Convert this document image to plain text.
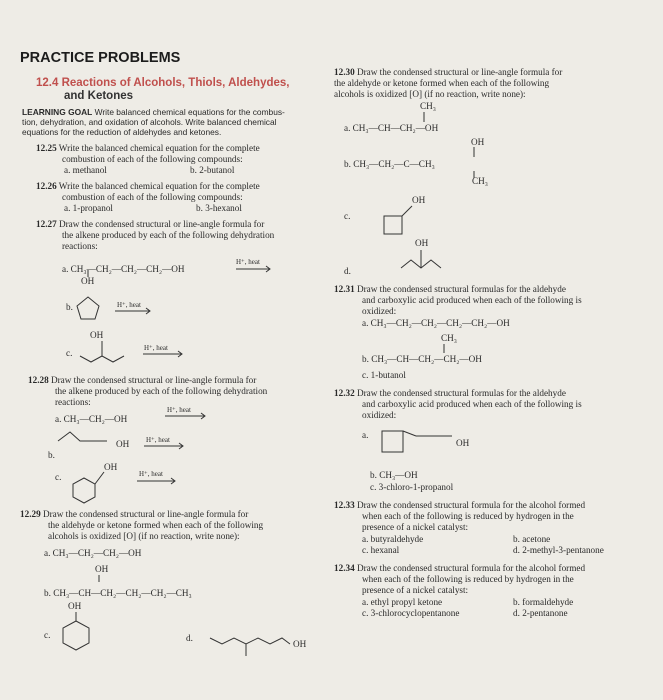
PRACTICE PROBLEMS
12.4 Reactions of Alcohols, Thiols, Aldehydes,
and Ketones
LEARNING GOAL Write balanced chemical equations for the combus-
tion, dehydration, and oxidation of alcohols. Write balanced chemical
equations for the reduction of aldehydes and ketones.
12.25 Write the balanced chemical equation for the complete
combustion of each of the following compounds:
a. methanol	b. 2-butanol
12.26 Write the balanced chemical equation for the complete
combustion of each of the following compounds:
a. 1-propanol	b. 3-hexanol
12.27 Draw the condensed structural or line-angle formula for
the alkene produced by each of the following dehydration
reactions:
a. CH₃—CH₂—CH₂—CH₂—OH
OH
H⁺, heat
b.	H⁺, heat
OH
c.	H⁺, heat
12.28 Draw the condensed structural or line-angle formula for
the alkene produced by each of the following dehydration
reactions:
a. CH₃—CH₂—OH
H⁺, heat
OH H⁺, heat
b.
OH
c.	H⁺, heat
12.29 Draw the condensed structural or line-angle formula for
the aldehyde or ketone formed when each of the following
alcohols is oxidized [O] (if no reaction, write none):
a. CH₃—CH₂—CH₂—OH
OH
b. CH₃—CH—CH₂—CH₂—CH₂—CH₃
OH
c.	d.
OH
12.30 Draw the condensed structural or line-angle formula for
the aldehyde or ketone formed when each of the following
alcohols is oxidized [O] (if no reaction, write none):
CH₃
a. CH₃—CH—CH₂—OH
OH
b. CH₃—CH₂—C—CH₃
CH₃
OH
c.
OH
d.
12.31 Draw the condensed structural formulas for the aldehyde
and carboxylic acid produced when each of the following is
oxidized:
a. CH₃—CH₂—CH₂—CH₂—CH₂—OH
CH₃
b. CH₃—CH—CH₂—CH₂—OH
c. 1-butanol
12.32 Draw the condensed structural formulas for the aldehyde
and carboxylic acid produced when each of the following is
oxidized:
a.
OH
b. CH₃—OH
c. 3-chloro-1-propanol
12.33 Draw the condensed structural formula for the alcohol formed
when each of the following is reduced by hydrogen in the
presence of a nickel catalyst:
a. butyraldehyde	b. acetone
c. hexanal	d. 2-methyl-3-pentanone
12.34 Draw the condensed structural formula for the alcohol formed
when each of the following is reduced by hydrogen in the
presence of a nickel catalyst:
a. ethyl propyl ketone	b. formaldehyde
c. 3-chlorocyclopentanone	d. 2-pentanone
